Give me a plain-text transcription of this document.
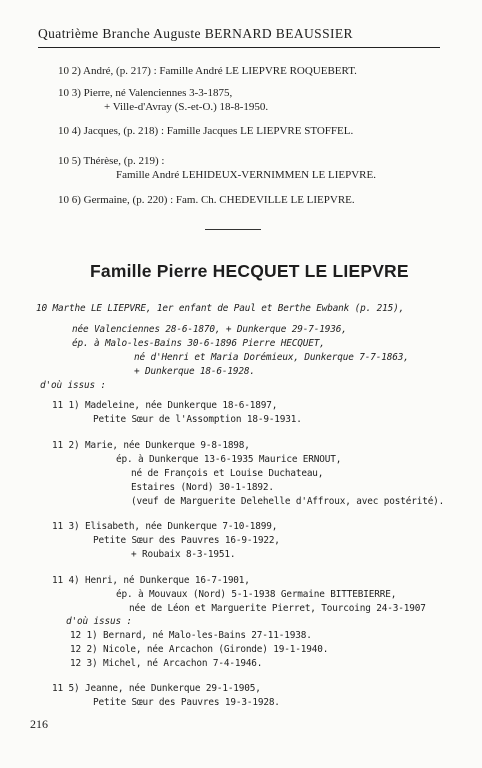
Quatrième Branche Auguste BERNARD BEAUSSIER
10 2) André, (p. 217) : Famille André LE LIEPVRE ROQUEBERT.
10 3) Pierre, né Valenciennes 3-3-1875,
+ Ville-d'Avray (S.-et-O.) 18-8-1950.
10 4) Jacques, (p. 218) : Famille Jacques LE LIEPVRE STOFFEL.
10 5) Thérèse, (p. 219) :
Famille André LEHIDEUX-VERNIMMEN LE LIEPVRE.
10 6) Germaine, (p. 220) : Fam. Ch. CHEDEVILLE LE LIEPVRE.
Famille Pierre HECQUET LE LIEPVRE
10 Marthe LE LIEPVRE, 1er enfant de Paul et Berthe Ewbank (p. 215),
née Valenciennes 28-6-1870, + Dunkerque 29-7-1936,
ép. à Malo-les-Bains 30-6-1896 Pierre HECQUET,
né d'Henri et Maria Dorémieux, Dunkerque 7-7-1863,
+ Dunkerque 18-6-1928.
d'où issus :
11 1) Madeleine, née Dunkerque 18-6-1897,
Petite Sœur de l'Assomption 18-9-1931.
11 2) Marie, née Dunkerque 9-8-1898,
ép. à Dunkerque 13-6-1935 Maurice ERNOUT,
né de François et Louise Duchateau,
Estaires (Nord) 30-1-1892.
(veuf de Marguerite Delehelle d'Affroux, avec postérité).
11 3) Elisabeth, née Dunkerque 7-10-1899,
Petite Sœur des Pauvres 16-9-1922,
+ Roubaix 8-3-1951.
11 4) Henri, né Dunkerque 16-7-1901,
ép. à Mouvaux (Nord) 5-1-1938 Germaine BITTEBIERRE,
née de Léon et Marguerite Pierret, Tourcoing 24-3-1907
d'où issus :
12 1) Bernard, né Malo-les-Bains 27-11-1938.
12 2) Nicole, née Arcachon (Gironde) 19-1-1940.
12 3) Michel, né Arcachon 7-4-1946.
11 5) Jeanne, née Dunkerque 29-1-1905,
Petite Sœur des Pauvres 19-3-1928.
216
